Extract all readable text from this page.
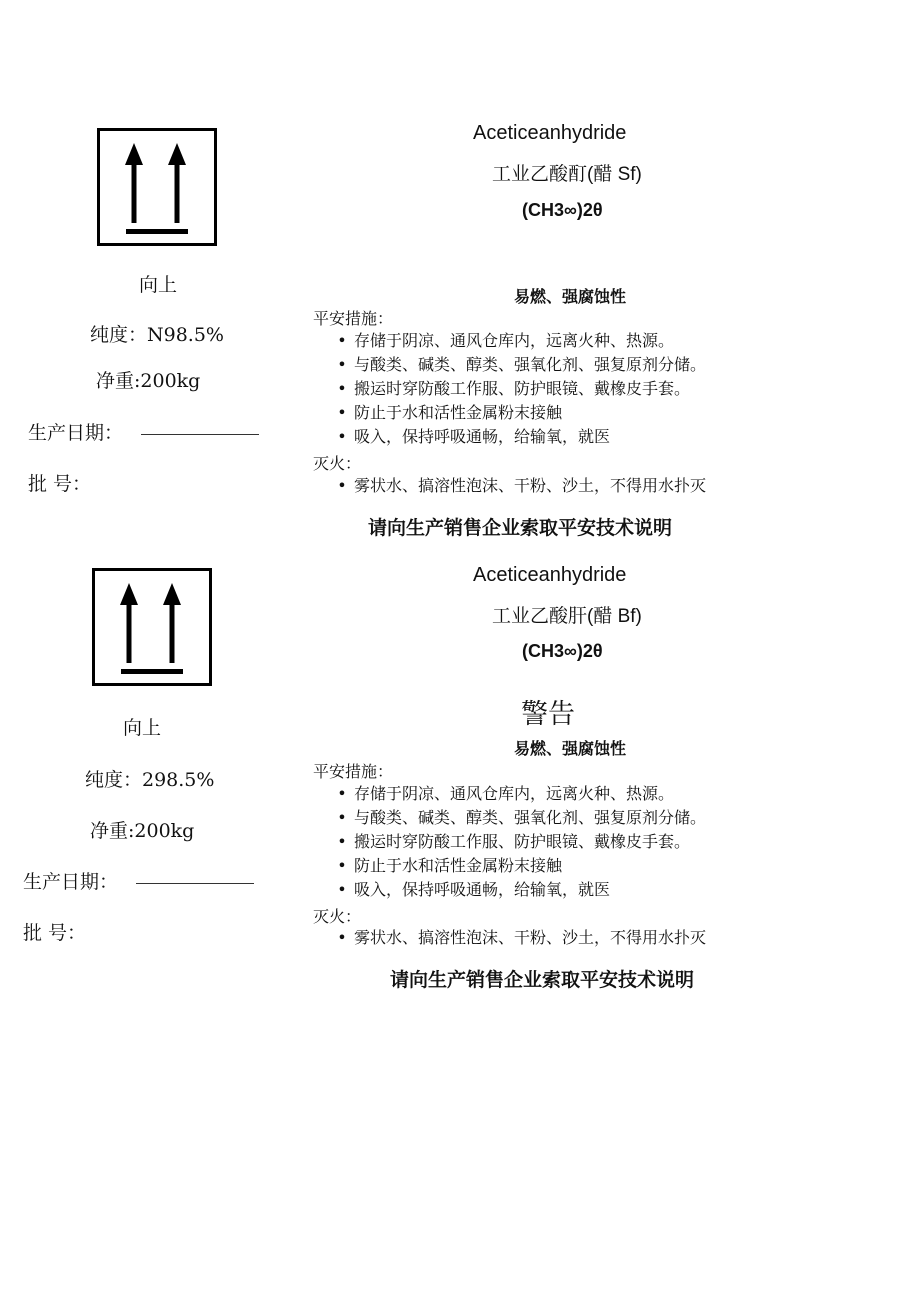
向上
纯度：N98.5%
净重:200kg
生产日期：
批 号：
Aceticeanhydride
工业乙酸酊(醋 Sf)
(CH3∞)2θ
易燃、强腐蚀性
平安措施：
• 存储于阴凉、通风仓库内，远离火种、热源。
• 与酸类、碱类、醇类、强氧化剂、强复原剂分储。
• 搬运时穿防酸工作服、防护眼镜、戴橡皮手套。
• 防止于水和活性金属粉末接触
• 吸入，保持呼吸通畅，给输氧，就医
灭火：
• 雾状水、搞溶性泡沫、干粉、沙土，不得用水扑灭
请向生产销售企业索取平安技术说明
向上
纯度：298.5%
净重:200kg
生产日期：
批 号：
Aceticeanhydride
工业乙酸肝(醋 Bf)
(CH3∞)2θ
警告
易燃、强腐蚀性
平安措施：
• 存储于阴凉、通风仓库内，远离火种、热源。
• 与酸类、碱类、醇类、强氧化剂、强复原剂分储。
• 搬运时穿防酸工作服、防护眼镜、戴橡皮手套。
• 防止于水和活性金属粉末接触
• 吸入，保持呼吸通畅，给输氧，就医
灭火：
• 雾状水、搞溶性泡沫、干粉、沙土，不得用水扑灭
请向生产销售企业索取平安技术说明
